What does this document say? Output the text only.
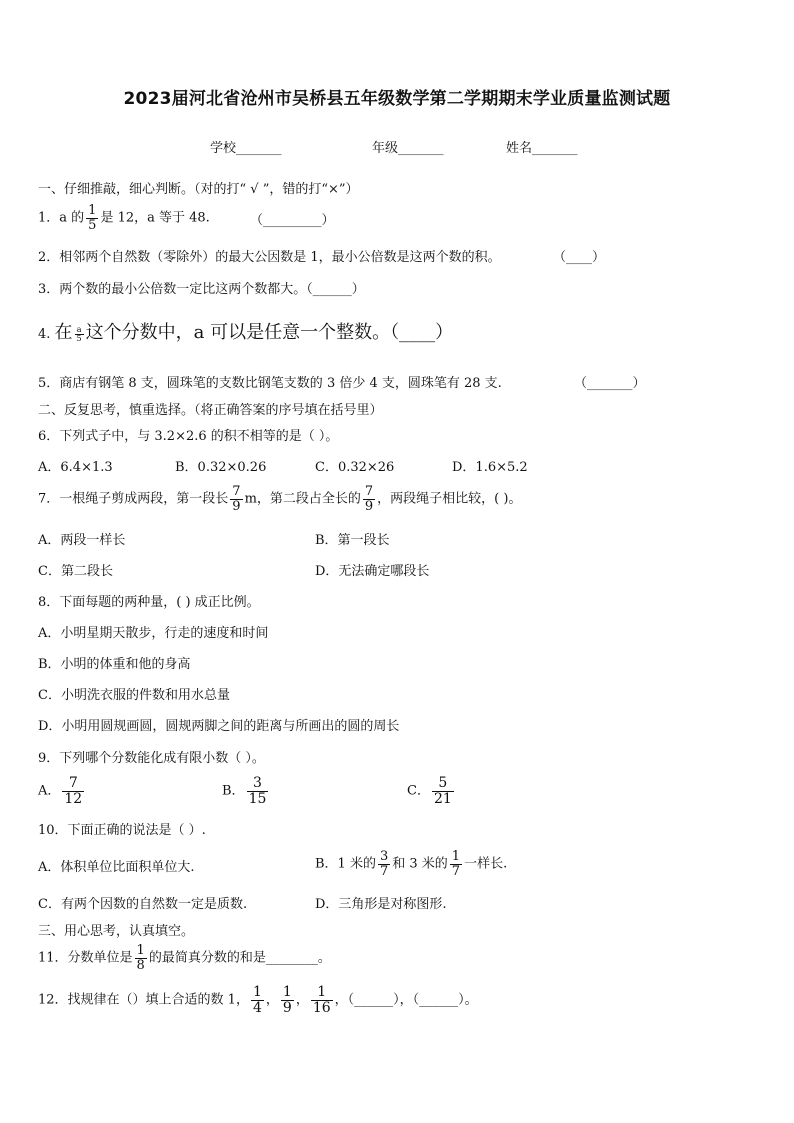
2023届河北省沧州市吴桥县五年级数学第二学期期末学业质量监测试题
学校_______	年级_______	姓名_______
一、仔细推敲，细心判断。（对的打“ √ ”，错的打“×”）
1．a 的 $\frac{1}{5}$ 是 12，a 等于 48.	（_________）
2．相邻两个自然数（零除外）的最大公因数是 1，最小公倍数是这两个数的积。	（____）
3．两个数的最小公倍数一定比这两个数都大。（______）
4. 在 $\frac{a}{5}$ 这个分数中，a 可以是任意一个整数。（____）
5．商店有钢笔 8 支，圆珠笔的支数比钢笔支数的 3 倍少 4 支，圆珠笔有 28 支.	（_______）
二、反复思考，慎重选择。（将正确答案的序号填在括号里）
6．下列式子中，与 3.2×2.6 的积不相等的是（ ）。
A．6.4×1.3	B．0.32×0.26	C．0.32×26	D．1.6×5.2
7．一根绳子剪成两段，第一段长 $\frac{7}{9}$ m，第二段占全长的 $\frac{7}{9}$ ，两段绳子相比较，( )。
A．两段一样长	B．第一段长
C．第二段长	D．无法确定哪段长
8．下面每题的两种量，( ) 成正比例。
A．小明星期天散步，行走的速度和时间
B．小明的体重和他的身高
C．小明洗衣服的件数和用水总量
D．小明用圆规画圆，圆规两脚之间的距离与所画出的圆的周长
9．下列哪个分数能化成有限小数（ ）。
A． $\frac{7}{12}$	B． $\frac{3}{15}$	C． $\frac{5}{21}$
10．下面正确的说法是（ ）.
A．体积单位比面积单位大.	B．1 米的 $\frac{3}{7}$ 和 3 米的 $\frac{1}{7}$ 一样长.
C．有两个因数的自然数一定是质数.	D．三角形是对称图形.
三、用心思考，认真填空。
11．分数单位是 $\frac{1}{8}$ 的最简真分数的和是________。
12．找规律在（）填上合适的数 1， $\frac{1}{4}$ ， $\frac{1}{9}$ ， $\frac{1}{16}$ ，（______），（______）。
